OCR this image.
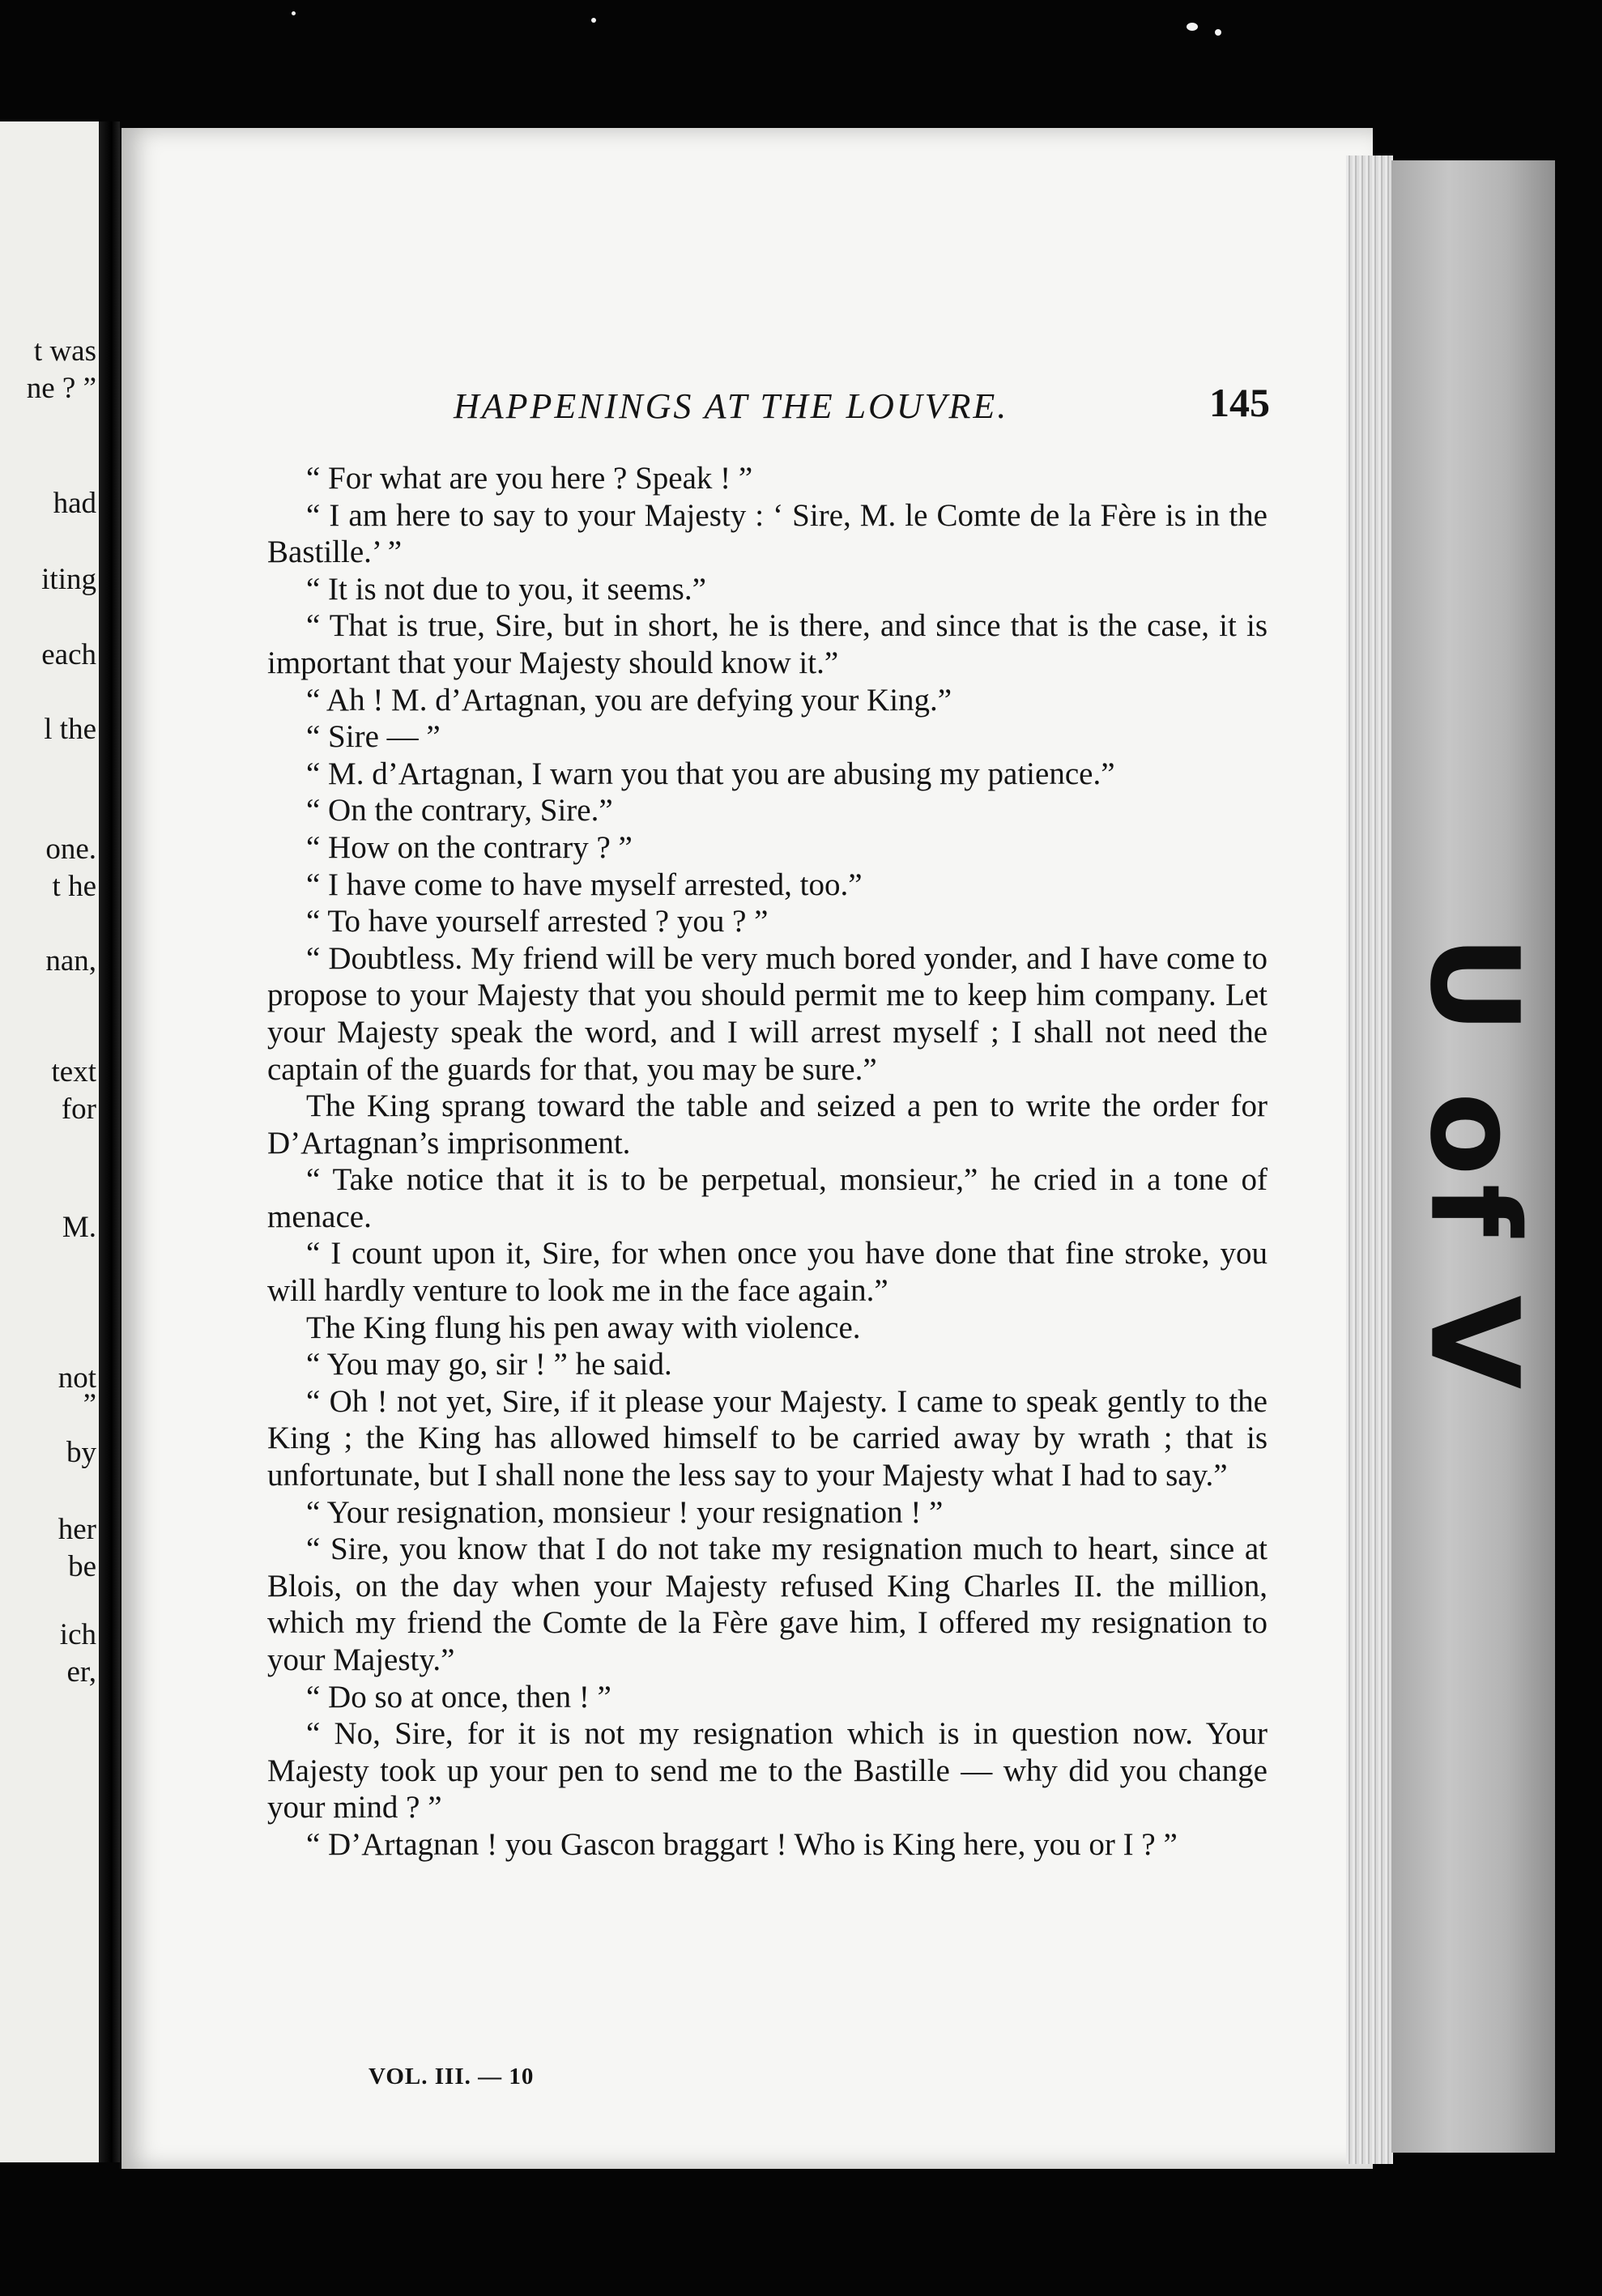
t was
ne ? ”
had
iting
each
l the
one.
t he
nan,
text
for
M.
not
”
by
her
be
ich
er,
HAPPENINGS AT THE LOUVRE.	145

“ For what are you here ? Speak ! ”

“ I am here to say to your Majesty : ‘ Sire, M. le Comte de la Fère is in the Bastille.’ ”

“ It is not due to you, it seems.”

“ That is true, Sire, but in short, he is there, and since that is the case, it is important that your Majesty should know it.”

“ Ah ! M. d’Artagnan, you are defying your King.”

“ Sire — ”

“ M. d’Artagnan, I warn you that you are abusing my patience.”

“ On the contrary, Sire.”

“ How on the contrary ? ”

“ I have come to have myself arrested, too.”

“ To have yourself arrested ? you ? ”

“ Doubtless. My friend will be very much bored yonder, and I have come to propose to your Majesty that you should permit me to keep him company. Let your Majesty speak the word, and I will arrest myself ; I shall not need the captain of the guards for that, you may be sure.”

The King sprang toward the table and seized a pen to write the order for D’Artagnan’s imprisonment.

“ Take notice that it is to be perpetual, monsieur,” he cried in a tone of menace.

“ I count upon it, Sire, for when once you have done that fine stroke, you will hardly venture to look me in the face again.”

The King flung his pen away with violence.

“ You may go, sir ! ” he said.

“ Oh ! not yet, Sire, if it please your Majesty. I came to speak gently to the King ; the King has allowed himself to be carried away by wrath ; that is unfortunate, but I shall none the less say to your Majesty what I had to say.”

“ Your resignation, monsieur ! your resignation ! ”

“ Sire, you know that I do not take my resignation much to heart, since at Blois, on the day when your Majesty refused King Charles II. the million, which my friend the Comte de la Fère gave him, I offered my resignation to your Majesty.”

“ Do so at once, then ! ”

“ No, Sire, for it is not my resignation which is in question now. Your Majesty took up your pen to send me to the Bastille — why did you change your mind ? ”

“ D’Artagnan ! you Gascon braggart ! Who is King here, you or I ? ”

VOL. III. — 10
U of V
